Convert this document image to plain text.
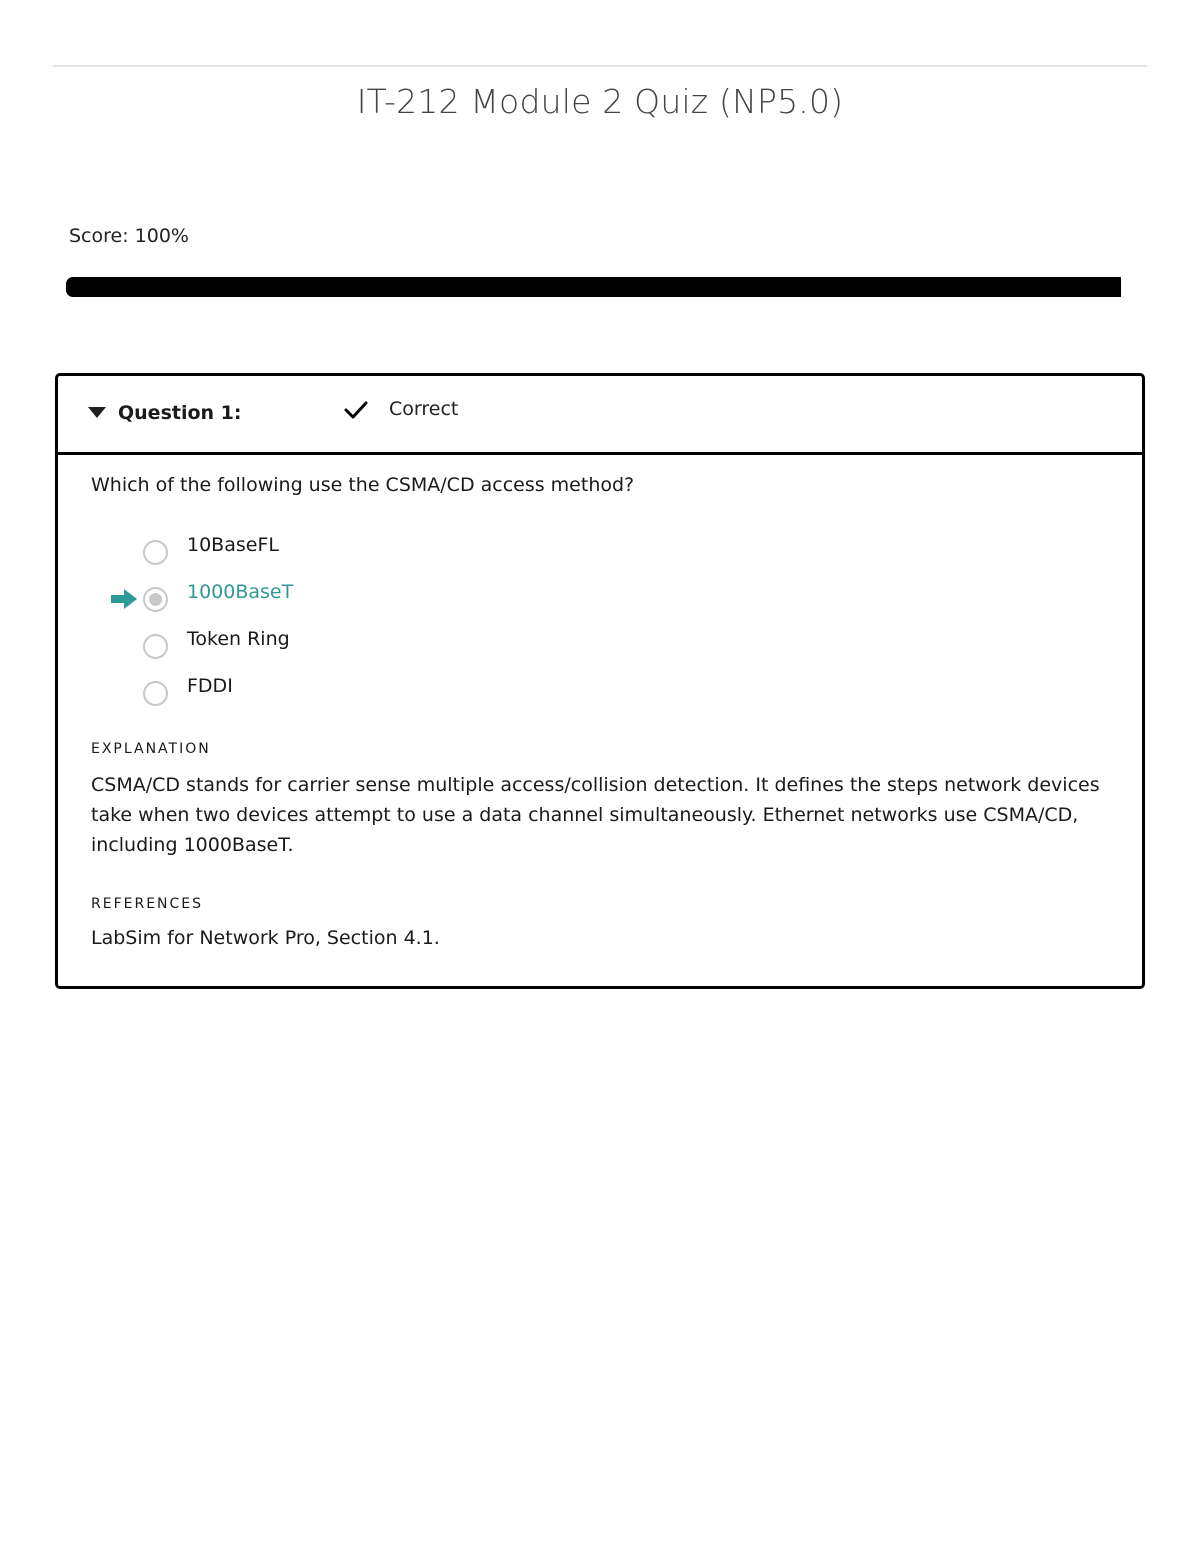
IT-212 Module 2 Quiz (NP5.0)
Score: 100%
Question 1:	Correct
Which of the following use the CSMA/CD access method?
10BaseFL
1000BaseT
Token Ring
FDDI
EXPLANATION
CSMA/CD stands for carrier sense multiple access/collision detection. It defines the steps network devices take when two devices attempt to use a data channel simultaneously. Ethernet networks use CSMA/CD, including 1000BaseT.
REFERENCES
LabSim for Network Pro, Section 4.1.
